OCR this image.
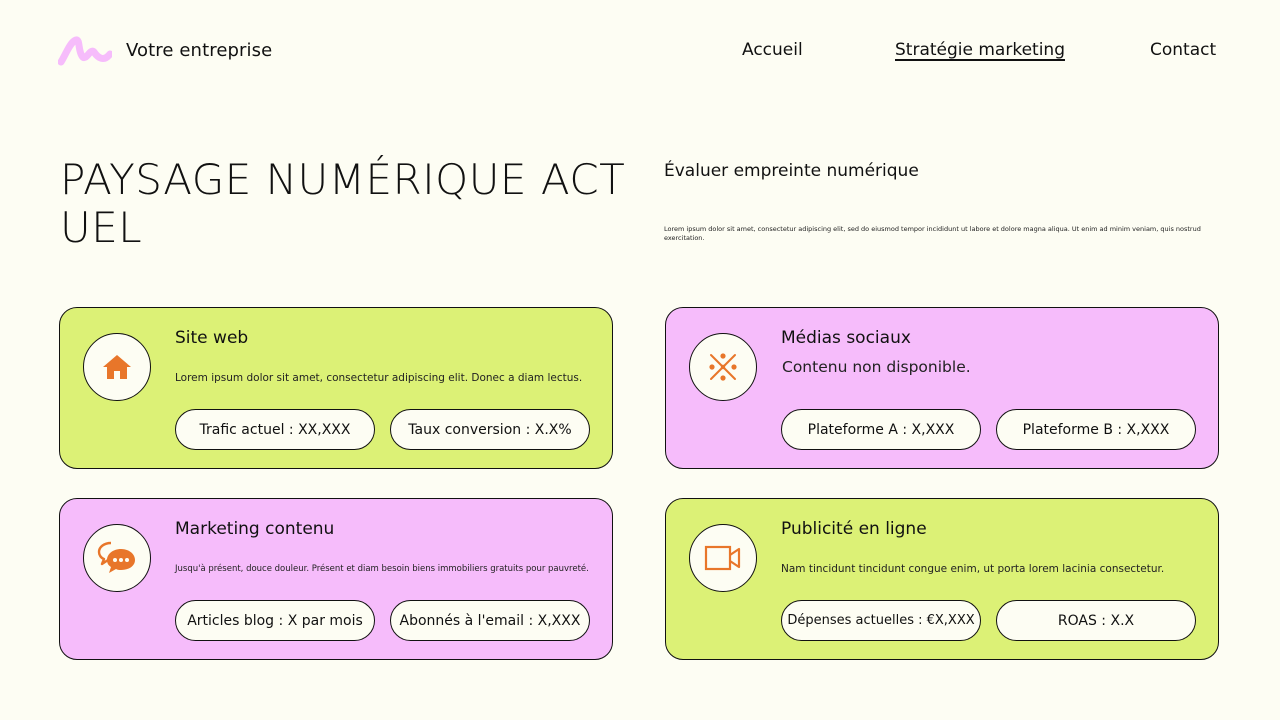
Votre entreprise	Accueil	Stratégie marketing	Contact
PAYSAGE NUMÉRIQUE ACTUEL
Évaluer empreinte numérique

Lorem ipsum dolor sit amet, consectetur adipiscing elit, sed do eiusmod tempor incididunt ut labore et dolore magna aliqua. Ut enim ad minim veniam, quis nostrud exercitation.

Site web
Lorem ipsum dolor sit amet, consectetur adipiscing elit. Donec a diam lectus.
Trafic actuel : XX,XXX	Taux conversion : X.X%
Médias sociaux
Contenu non disponible.
Plateforme A : X,XXX	Plateforme B : X,XXX
Marketing contenu
Jusqu'à présent, douce douleur. Présent et diam besoin biens immobiliers gratuits pour pauvreté.
Articles blog : X par mois	Abonnés à l'email : X,XXX
Publicité en ligne
Nam tincidunt tincidunt congue enim, ut porta lorem lacinia consectetur.
Dépenses actuelles : €X,XXX	ROAS : X.X
